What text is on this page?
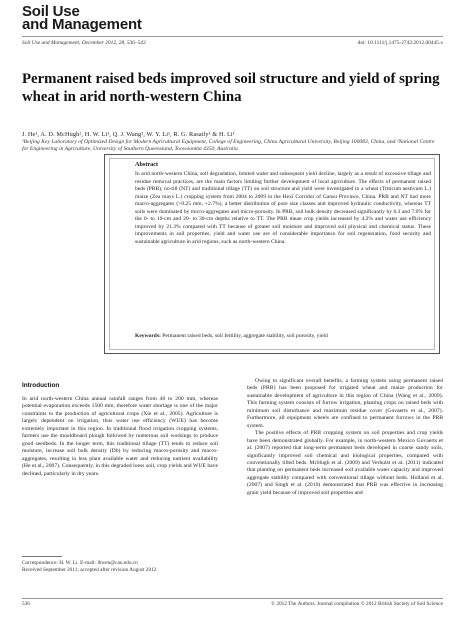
Soil Use
and Management
Soil Use and Management, December 2012, 28, 536–543	doi: 10.1111/j.1475-2743.2012.00445.x
Permanent raised beds improved soil structure and yield of spring wheat in arid north-western China
J. He¹, A. D. McHugh², H. W. Li¹, Q. J. Wang¹, W. Y. Li¹, R. G. Rasaily¹ & H. Li¹
¹Beijing Key Laboratory of Optimized Design for Modern Agricultural Equipment, College of Engineering, China Agricultural University, Beijing 100083, China, and ²National Centre for Engineering in Agriculture, University of Southern Queensland, Toowoomba 4350, Australia
Abstract

In arid north-western China, soil degradation, limited water and subsequent yield decline, largely as a result of excessive tillage and residue removal practices, are the main factors limiting further development of local agriculture. The effects of permanent raised beds (PRB), no-till (NT) and traditional tillage (TT) on soil structure and yield were investigated in a wheat (Triticum aestivum L.) maize (Zea mays L.) cropping system from 2004 to 2009 in the Hexi Corridor of Gansu Province, China. PRB and NT had more macro-aggregates (>0.25 mm, +2.7%), a better distribution of pore size classes and improved hydraulic conductivity, whereas TT soils were dominated by micro-aggregates and micro-porosity. In PRB, soil bulk density decreased significantly by 6.3 and 7.0% for the 0- to 10-cm and 20- to 30-cm depths relative to TT. The PRB mean crop yields increased by 4.2% and water use efficiency improved by 21.3% compared with TT because of greater soil moisture and improved soil physical and chemical status. These improvements in soil properties, yield and water use are of considerable importance for soil regeneration, food security and sustainable agriculture in arid regions, such as north-western China.

Keywords: Permanent raised beds, soil fertility, aggregate stability, soil porosity, yield

Introduction

In arid north-western China annual rainfall ranges from 40 to 200 mm, whereas potential evaporation exceeds 1500 mm, therefore water shortage is one of the major constraints to the production of agricultural crops (Xie et al., 2005). Agriculture is largely dependent on irrigation, thus water use efficiency (WUE) has become extremely important in this region. In traditional flood irrigation cropping systems, farmers use the mouldboard plough followed by numerous soil workings to produce good seedbeds. In the longer term, this traditional tillage (TT) tends to reduce soil moisture, increase soil bulk density (Db) by reducing macro-porosity and macro-aggregates, resulting in less plant available water and reducing nutrient availability (He et al., 2007). Consequently, in this degraded loess soil, crop yields and WUE have declined, particularly in dry years.

Owing to significant overall benefits, a farming system using permanent raised beds (PRB) has been proposed for irrigated wheat and maize production for sustainable development of agriculture in this region of China (Wang et al., 2009). This farming system consists of furrow irrigation, planting crops on raised beds with minimum soil disturbance and maximum residue cover (Govaerts et al., 2007). Furthermore, all equipment wheels are confined to permanent furrows in the PRB system.

The positive effects of PRB cropping system on soil properties and crop yields have been demonstrated globally. For example, in north-western Mexico Govaerts et al. (2007) reported that long-term permanent beds developed in coarse sandy soils, significantly improved soil chemical and biological properties, compared with conventionally tilled beds. McHugh et al. (2009) and Verhulst et al. (2011) indicated that planting on permanent beds increased soil available water capacity and improved aggregate stability compared with conventional tillage without beds. Holland et al. (2007) and Singh et al. (2010) demonstrated that PRB was effective in increasing grain yield because of improved soil properties and

Correspondence: H. W. Li. E-mail: lhwen@cau.edu.cn
Received September 2011; accepted after revision August 2012
536	© 2012 The Authors. Journal compilation © 2012 British Society of Soil Science
